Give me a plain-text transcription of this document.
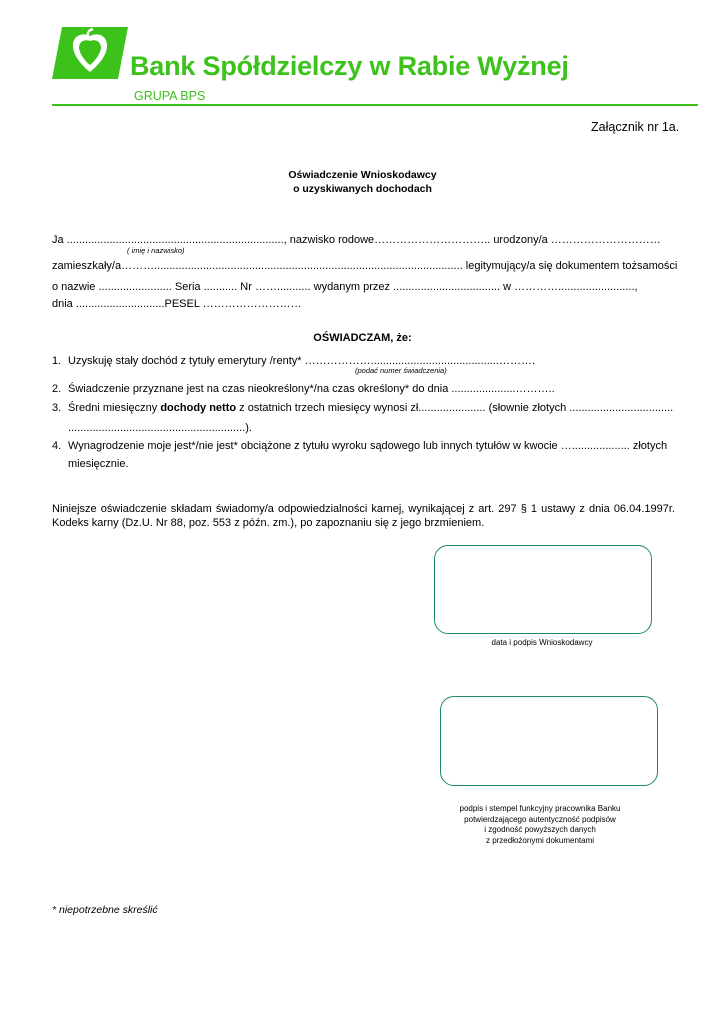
Bank Spółdzielczy w Rabie Wyżnej
GRUPA BPS
Załącznik nr 1a.
Oświadczenie Wnioskodawcy
o uzyskiwanych dochodach
Ja ......................................................................., nazwisko rodowe………………………….. urodzony/a …………………………
( imię i nazwisko)
zamieszkały/a………..................................................................................................... legitymujący/a się dokumentem tożsamości
o nazwie ........................ Seria ........... Nr ……........... wydanym przez ................................... w ………….........................,
dnia .............................PESEL ………………………
OŚWIADCZAM, że:
1. Uzyskuję stały dochód z tytuły emerytury /renty* ………………..........................................……….
(podać numer świadczenia)
2. Świadczenie przyznane jest na czas nieokreślony*/na czas określony* do dnia .....................………..
3. Średni miesięczny dochody netto z ostatnich trzech miesięcy wynosi zł...................... (słownie złotych ..................................
..........................................................).
4. Wynagrodzenie moje jest*/nie jest* obciążone z tytułu wyroku sądowego lub innych tytułów w kwocie …................... złotych
miesięcznie.
Niniejsze oświadczenie składam świadomy/a odpowiedzialności karnej, wynikającej z art. 297 § 1 ustawy z dnia 06.04.1997r. Kodeks karny (Dz.U. Nr 88, poz. 553 z późn. zm.), po zapoznaniu się z jego brzmieniem.
data i podpis Wnioskodawcy
podpis i stempel funkcyjny pracownika Banku
potwierdzającego autentyczność podpisów
i zgodność powyższych danych
z przedłożonymi dokumentami
* niepotrzebne skreślić
